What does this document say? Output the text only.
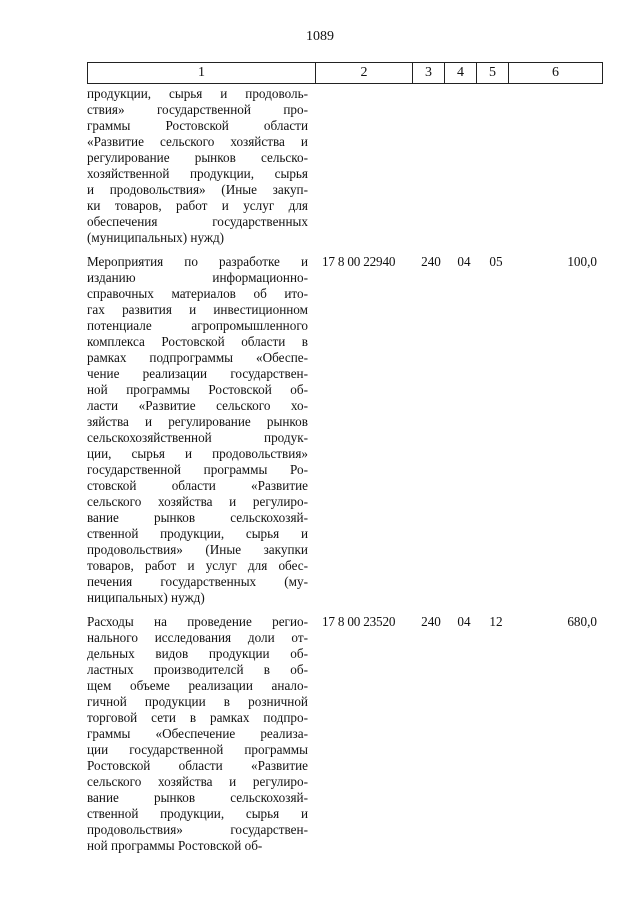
1089
1	2	3	4	5	6
продукции, сырья и продоволь-
ствия» государственной про-
граммы Ростовской области
«Развитие сельского хозяйства и
регулирование рынков сельско-
хозяйственной продукции, сырья
и продовольствия» (Иные закуп-
ки товаров, работ и услуг для
обеспечения государственных
(муниципальных) нужд)
Мероприятия по разработке и
изданию информационно-
справочных материалов об ито-
гах развития и инвестиционном
потенциале агропромышленного
комплекса Ростовской области в
рамках подпрограммы «Обеспе-
чение реализации государствен-
ной программы Ростовской об-
ласти «Развитие сельского хо-
зяйства и регулирование рынков
сельскохозяйственной продук-
ции, сырья и продовольствия»
государственной программы Ро-
стовской области «Развитие
сельского хозяйства и регулиро-
вание рынков сельскохозяй-
ственной продукции, сырья и
продовольствия» (Иные закупки
товаров, работ и услуг для обес-
печения государственных (му-
ниципальных) нужд)
17 8 00 22940	240	04	05	100,0
Расходы на проведение регио-
нального исследования доли от-
дельных видов продукции об-
ластных производителсй в об-
щем объеме реализации анало-
гичной продукции в розничной
торговой сети в рамках подпро-
граммы «Обеспечение реализа-
ции государственной программы
Ростовской области «Развитие
сельского хозяйства и регулиро-
вание рынков сельскохозяй-
ственной продукции, сырья и
продовольствия» государствен-
ной программы Ростовской об-
17 8 00 23520	240	04	12	680,0
